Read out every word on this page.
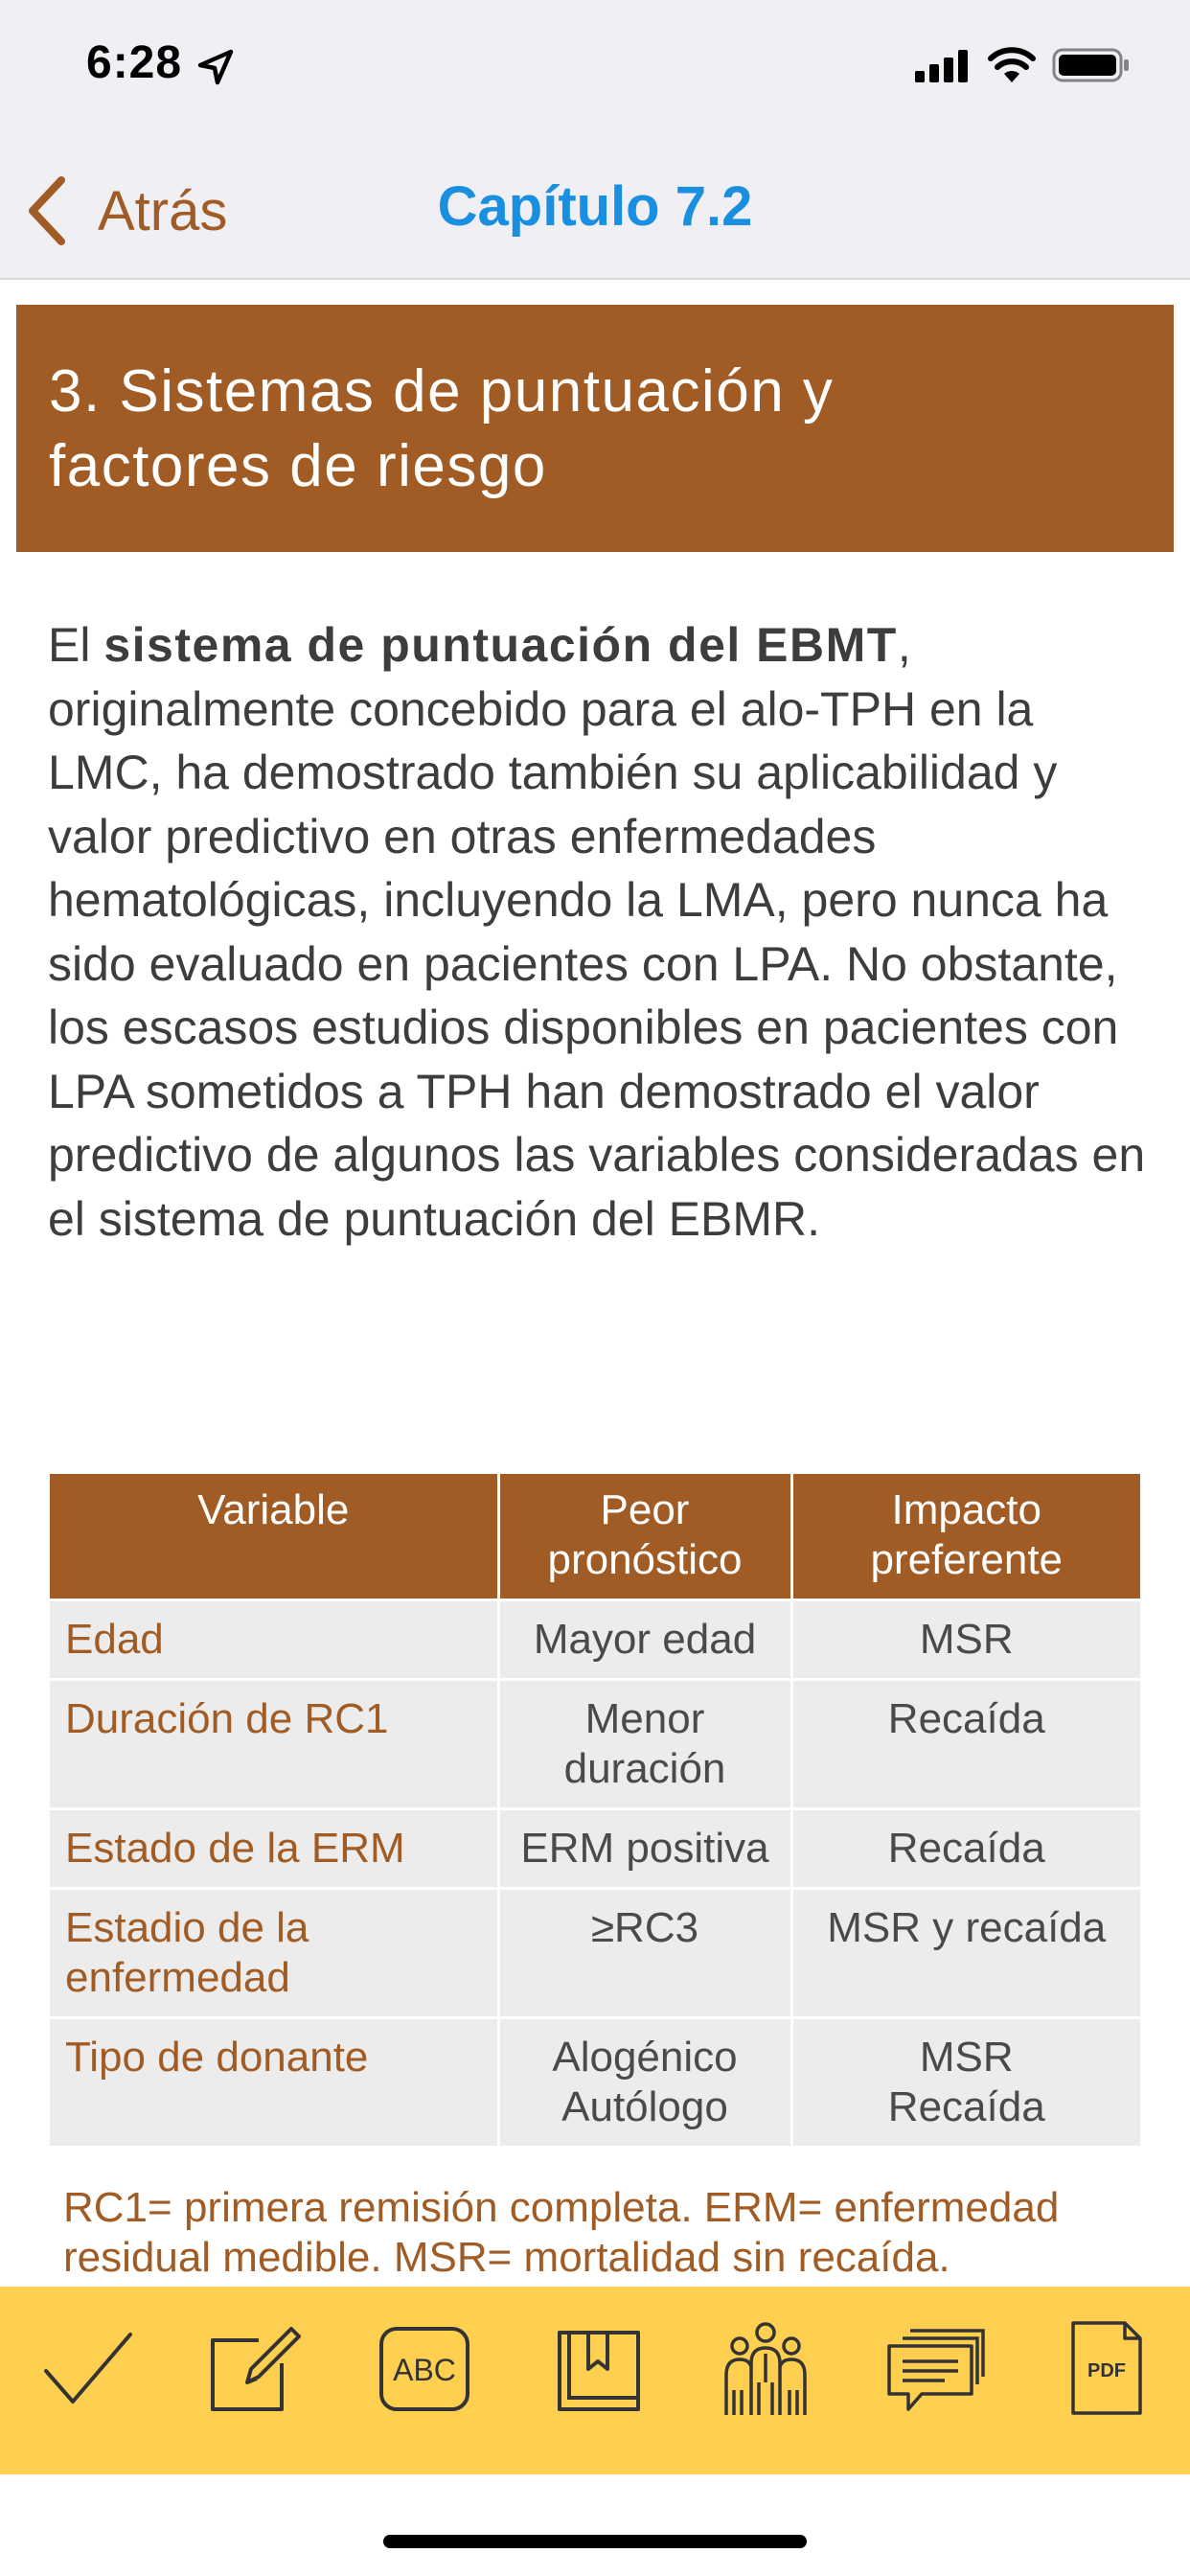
6:28
Capítulo 7.2
Atrás
3. Sistemas de puntuación y
factores de riesgo

El sistema de puntuación del EBMT, originalmente concebido para el alo-TPH en la LMC, ha demostrado también su aplicabilidad y valor predictivo en otras enfermedades hematológicas, incluyendo la LMA, pero nunca ha sido evaluado en pacientes con LPA. No obstante, los escasos estudios disponibles en pacientes con LPA sometidos a TPH han demostrado el valor predictivo de algunos las variables consideradas en el sistema de puntuación del EBMR.

Variable	Peor pronóstico	Impacto preferente
Edad	Mayor edad	MSR
Duración de RC1	Menor duración	Recaída
Estado de la ERM	ERM positiva	Recaída
Estadio de la enfermedad	≥RC3	MSR y recaída
Tipo de donante	Alogénico Autólogo	MSR Recaída

RC1= primera remisión completa. ERM= enfermedad residual medible. MSR= mortalidad sin recaída.

ABC	PDF
